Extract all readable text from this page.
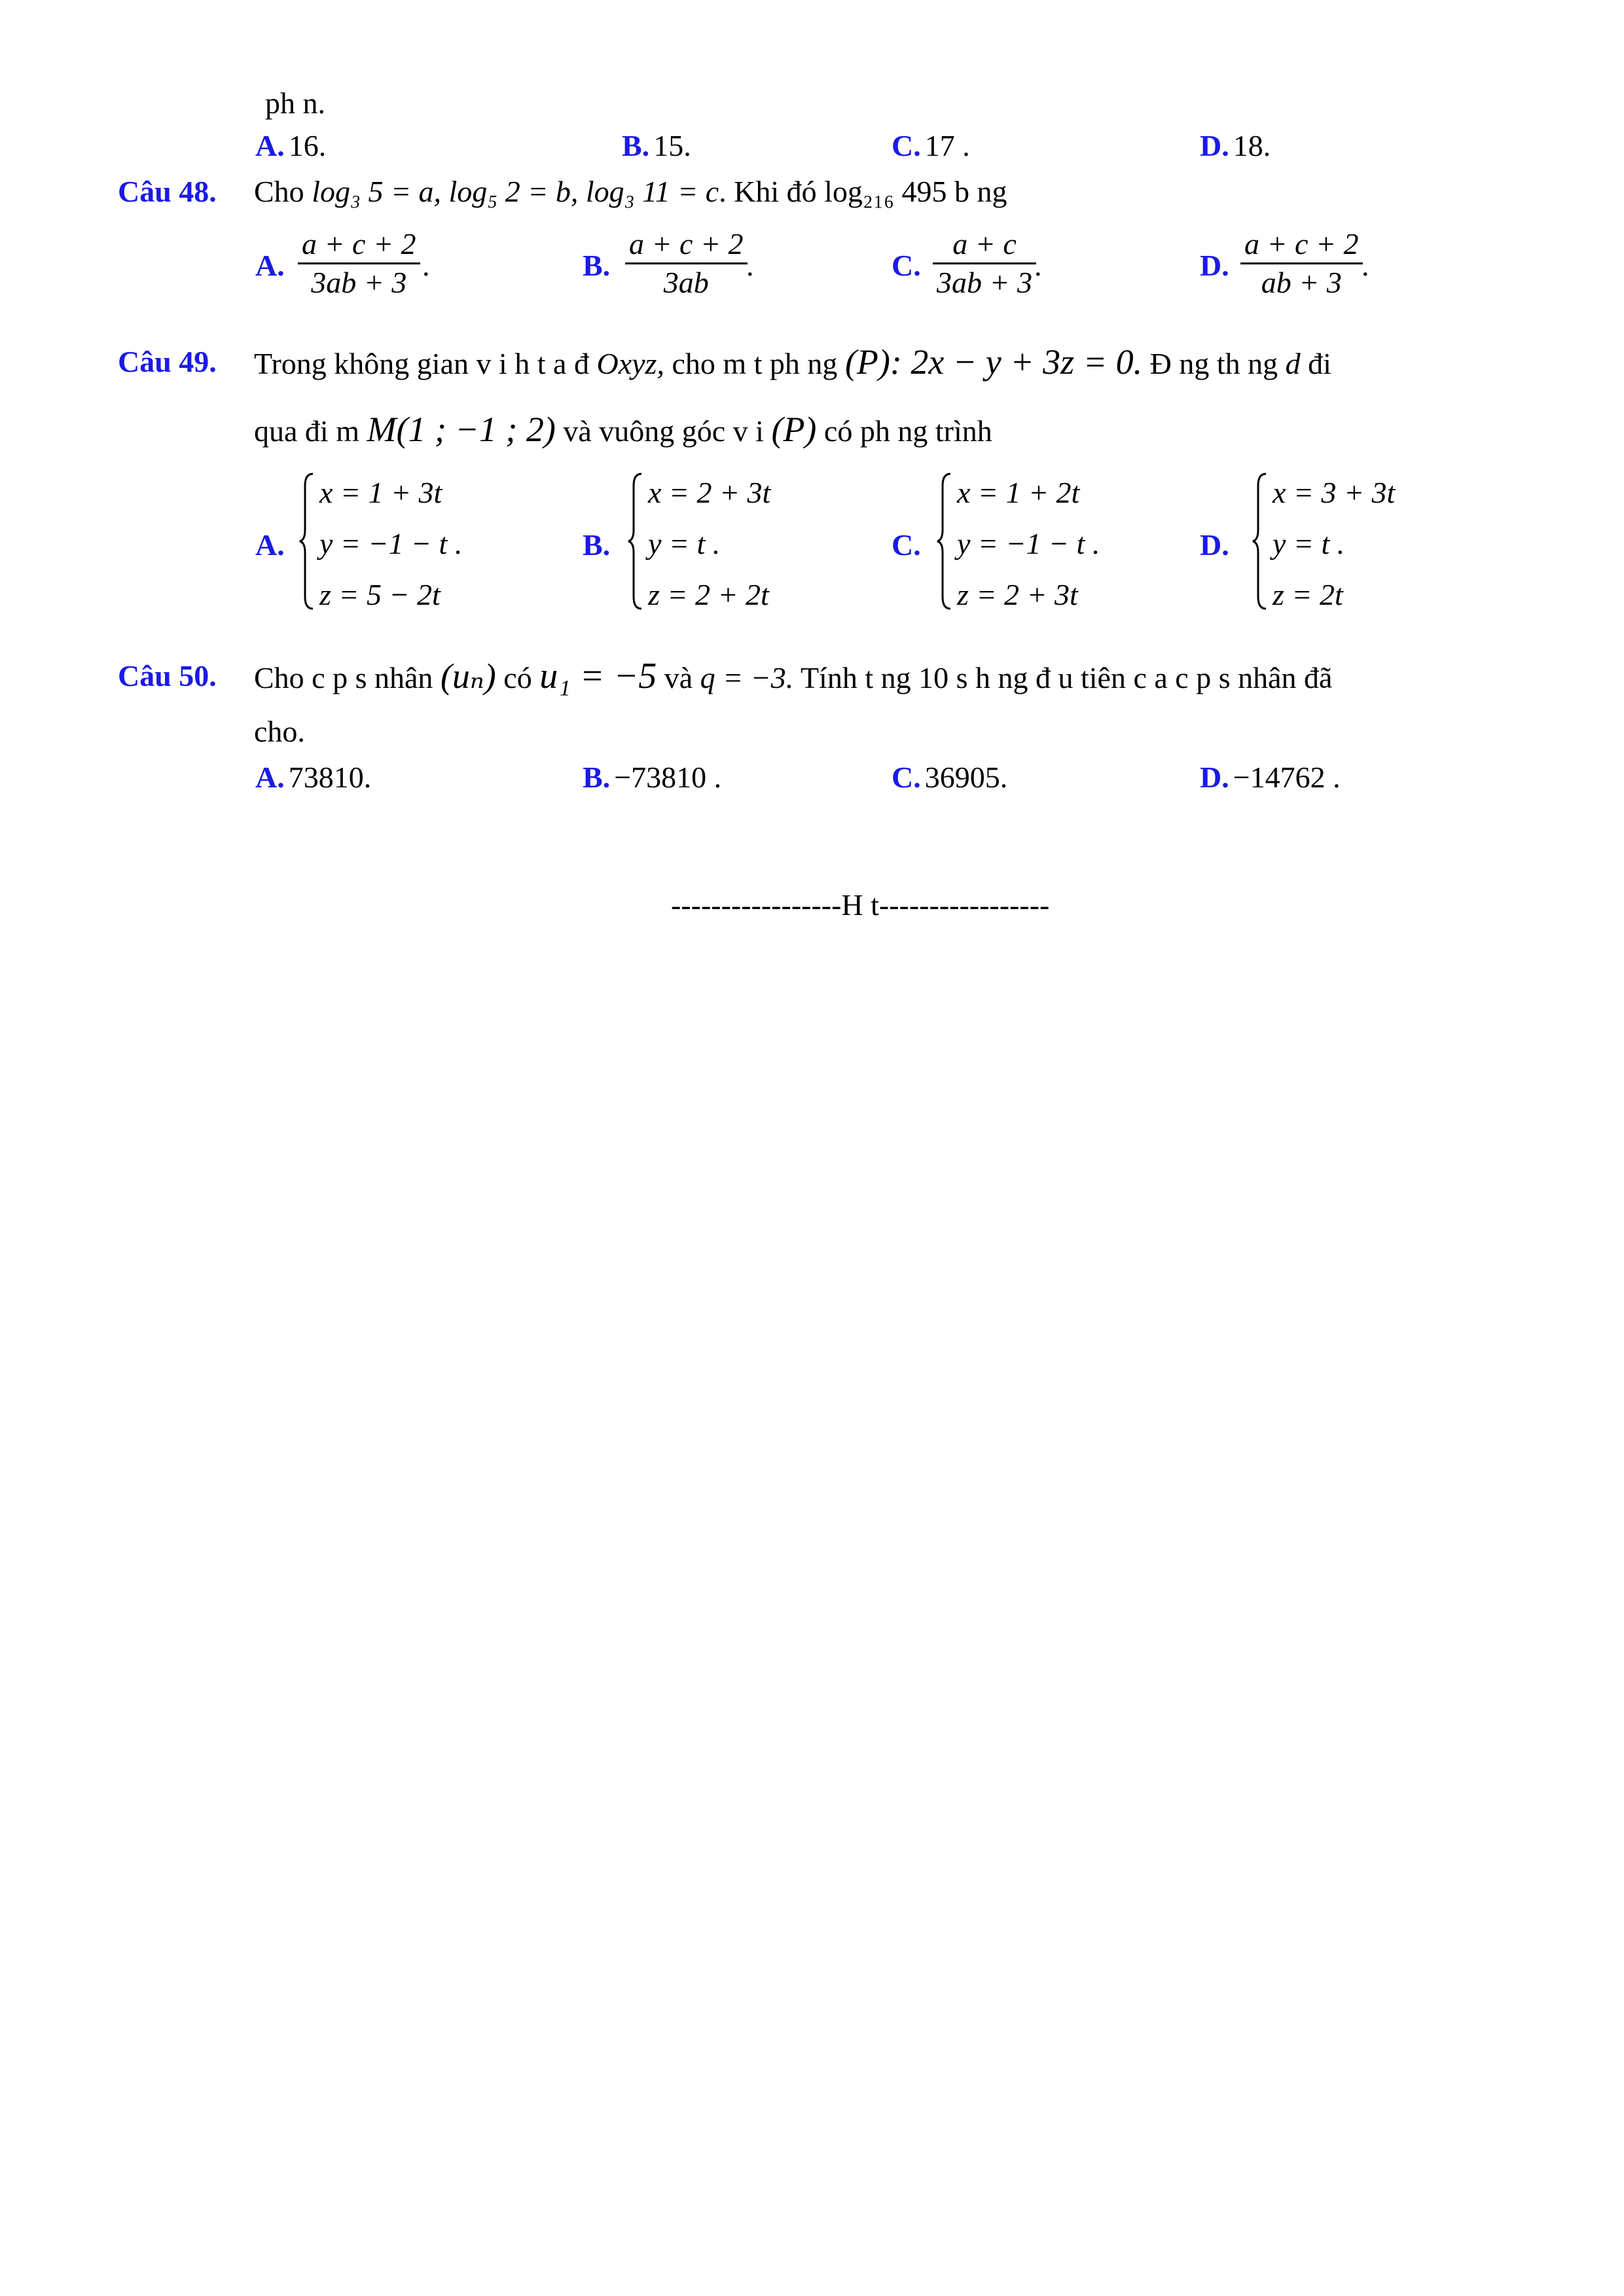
ph n.
A. 16.	B. 15.	C. 17 .	D. 18.
Câu 48. Cho log₃ 5 = a, log₅ 2 = b, log₃ 11 = c. Khi đó log₂₁₆ 495 b ng
A.
a + c + 2
3ab + 3
.	B.
a + c + 2
3ab
.	C.
a + c
3ab + 3
.	D.
a + c + 2
ab + 3
.
Câu 49. Trong không gian v i h t a đ Oxyz, cho m t ph ng (P): 2x − y + 3z = 0. Đ ng th ng d đi
qua đi m M(1 ; −1 ; 2) và vuông góc v i (P) có ph ng trình
A.
x = 1 + 3t
y = −1 − t .
z = 5 − 2t
B.
x = 2 + 3t
y = t .
z = 2 + 2t
C.
x = 1 + 2t
y = −1 − t .
z = 2 + 3t
D.
x = 3 + 3t
y = t .
z = 2t
Câu 50. Cho c p s nhân (uₙ) có u₁ = −5 và q = −3. Tính t ng 10 s h ng đ u tiên c a c p s nhân đã
cho.
A. 73810.	B. −73810 .	C. 36905.	D. −14762 .
-----------------H t-----------------
